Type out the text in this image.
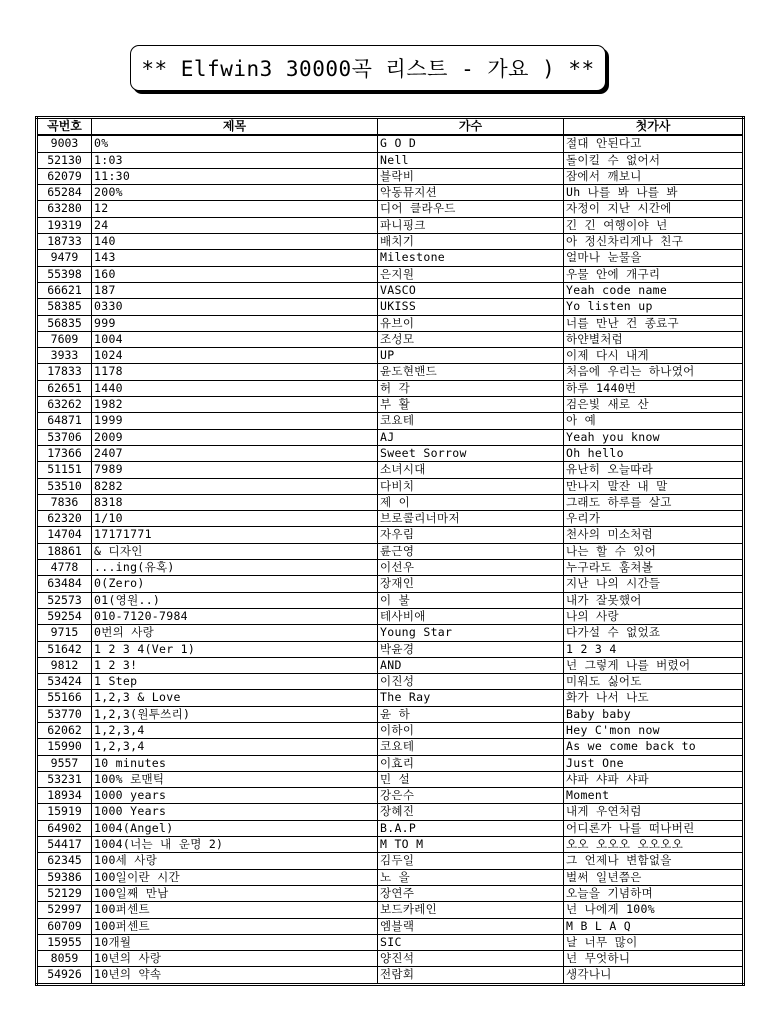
** Elfwin3 30000곡 리스트 - 가요 ) **
곡번호	제목	가수	첫가사
9003	0%	G O D	절대 안된다고
52130	1:03	Nell	돌이킬 수 없어서
62079	11:30	블락비	잠에서 깨보니
65284	200%	악동뮤지션	Uh 나를 봐 나를 봐
63280	12	디어 클라우드	자정이 지난 시간에
19319	24	파니핑크	긴 긴 여행이야 넌
18733	140	배치기	아 정신차리게나 친구
9479	143	Milestone	얼마나 눈물을
55398	160	은지원	우물 안에 개구리
66621	187	VASCO	Yeah code name
58385	0330	UKISS	Yo listen up
56835	999	유브이	너를 만난 건 종료구
7609	1004	조성모	하얀별처럼
3933	1024	UP	이제 다시 내게
17833	1178	윤도현밴드	처음에 우리는 하나였어
62651	1440	허 각	하루 1440번
63262	1982	부 활	검은빛 새로 산
64871	1999	코요테	아 예
53706	2009	AJ	Yeah you know
17366	2407	Sweet Sorrow	Oh hello
51151	7989	소녀시대	유난히 오늘따라
53510	8282	다비치	만나지 말잔 내 말
7836	8318	제 이	그래도 하루를 살고
62320	1/10	브로콜리너마저	우리가
14704	17171771	자우림	천사의 미소처럼
18861	& 디자인	륜근영	나는 할 수 있어
4778	...ing(유혹)	이선우	누구라도 훔쳐볼
63484	0(Zero)	장재인	지난 나의 시간들
52573	01(영원..)	이 불	내가 잘못했어
59254	010-7120-7984	테사비애	나의 사랑
9715	0번의 사랑	Young Star	다가설 수 없었죠
51642	1 2 3 4(Ver 1)	박윤경	1 2 3 4
9812	1 2 3!	AND	넌 그렇게 나를 버렸어
53424	1 Step	이진성	미워도 싫어도
55166	1,2,3 & Love	The Ray	화가 나서 나도
53770	1,2,3(원투쓰리)	윤 하	Baby baby
62062	1,2,3,4	이하이	Hey C'mon now
15990	1,2,3,4	코요테	As we come back to
9557	10 minutes	이효리	Just One
53231	100% 로맨틱	민 설	샤파 샤파 샤파
18934	1000 years	강은수	Moment
15919	1000 Years	장혜진	내게 우연처럼
64902	1004(Angel)	B.A.P	어디론가 나를 떠나버린
54417	1004(너는 내 운명 2)	M TO M	오오 오오오 오오오오
62345	100세 사랑	김두일	그 언제나 변함없을
59386	100일이란 시간	노 을	벌써 일년쯤은
52129	100일째 만남	장연주	오늘을 기념하며
52997	100퍼센트	보드카레인	넌 나에게 100%
60709	100퍼센트	엠블랙	M B L A Q
15955	10개월	SIC	날 너무 많이
8059	10년의 사랑	양진석	넌 무엇하니
54926	10년의 약속	전람회	생각나니
